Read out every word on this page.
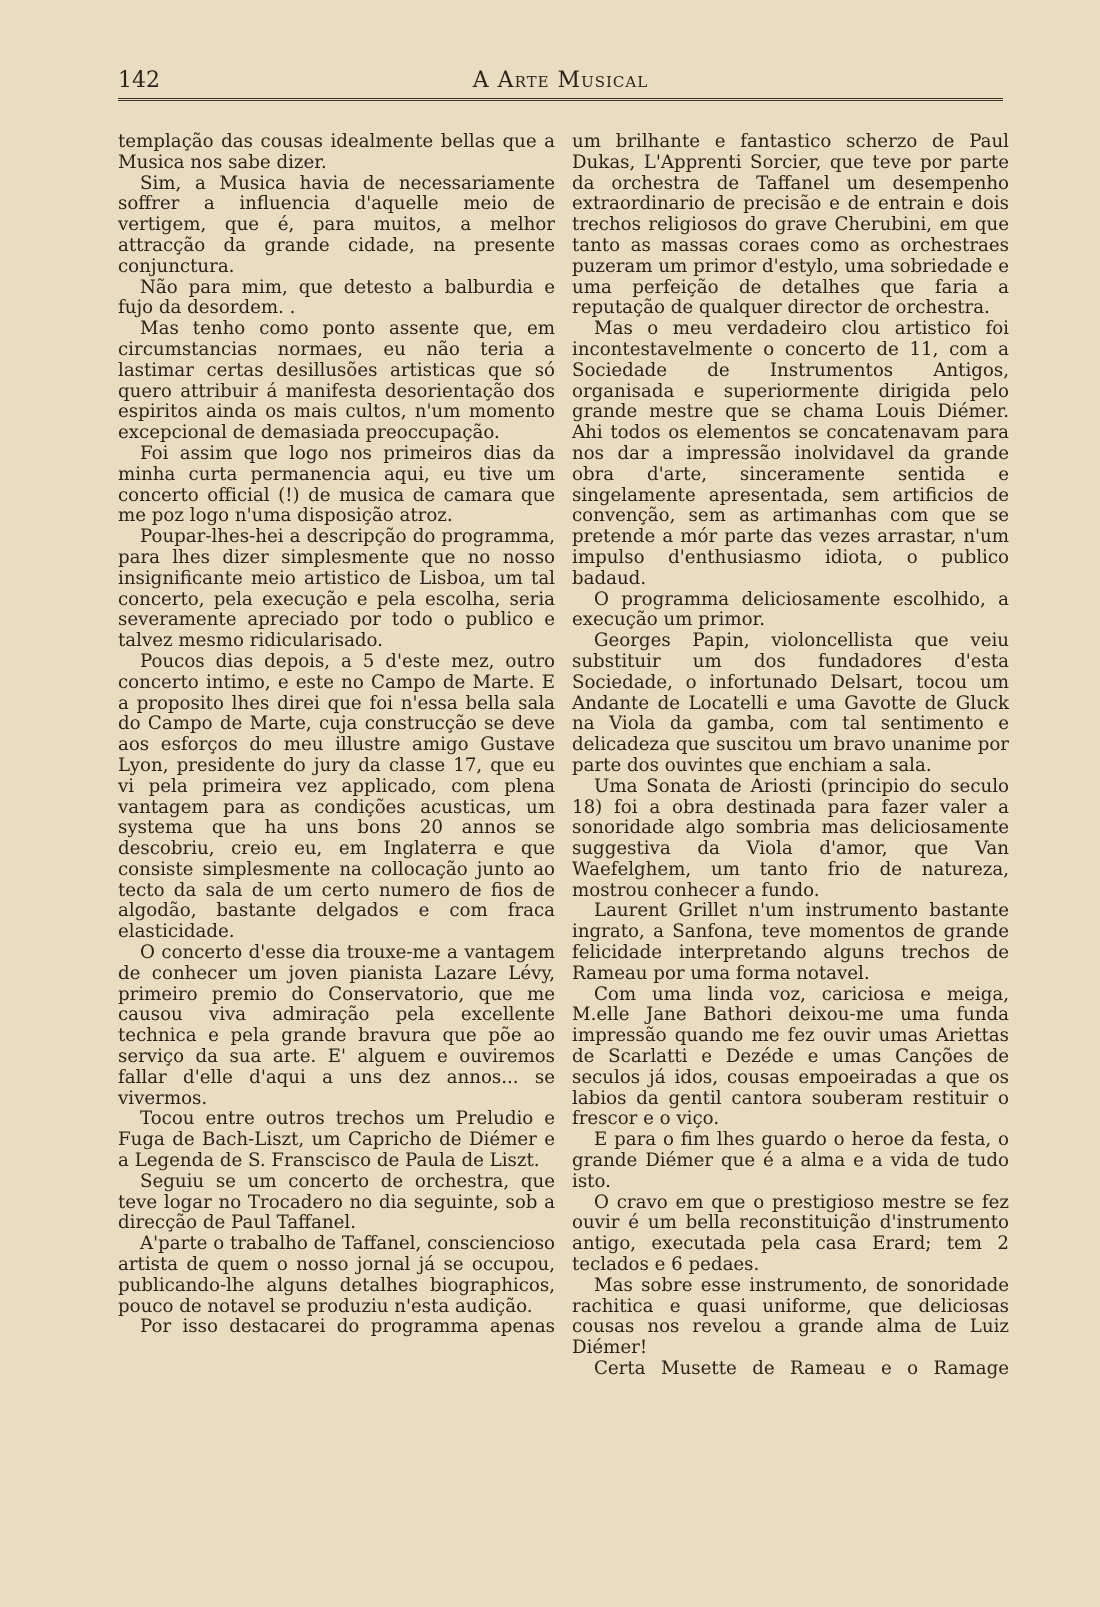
142	A Arte Musical

templação das cousas idealmente bellas que a Musica nos sabe dizer.

Sim, a Musica havia de necessariamente soffrer a influencia d'aquelle meio de vertigem, que é, para muitos, a melhor attracção da grande cidade, na presente conjunctura.

Não para mim, que detesto a balburdia e fujo da desordem. .

Mas tenho como ponto assente que, em circumstancias normaes, eu não teria a lastimar certas desillusões artisticas que só quero attribuir á manifesta desorientação dos espiritos ainda os mais cultos, n'um momento excepcional de demasiada preoccupação.

Foi assim que logo nos primeiros dias da minha curta permanencia aqui, eu tive um concerto official (!) de musica de camara que me poz logo n'uma disposição atroz.

Poupar-lhes-hei a descripção do programma, para lhes dizer simplesmente que no nosso insignificante meio artistico de Lisboa, um tal concerto, pela execução e pela escolha, seria severamente apreciado por todo o publico e talvez mesmo ridicularisado.

Poucos dias depois, a 5 d'este mez, outro concerto intimo, e este no Campo de Marte. E a proposito lhes direi que foi n'essa bella sala do Campo de Marte, cuja construcção se deve aos esforços do meu illustre amigo Gustave Lyon, presidente do jury da classe 17, que eu vi pela primeira vez applicado, com plena vantagem para as condições acusticas, um systema que ha uns bons 20 annos se descobriu, creio eu, em Inglaterra e que consiste simplesmente na collocação junto ao tecto da sala de um certo numero de fios de algodão, bastante delgados e com fraca elasticidade.

O concerto d'esse dia trouxe-me a vantagem de conhecer um joven pianista Lazare Lévy, primeiro premio do Conservatorio, que me causou viva admiração pela excellente technica e pela grande bravura que põe ao serviço da sua arte. E' alguem e ouviremos fallar d'elle d'aqui a uns dez annos... se vivermos.

Tocou entre outros trechos um Preludio e Fuga de Bach-Liszt, um Capricho de Diémer e a Legenda de S. Franscisco de Paula de Liszt.

Seguiu se um concerto de orchestra, que teve logar no Trocadero no dia seguinte, sob a direcção de Paul Taffanel.

A'parte o trabalho de Taffanel, consciencioso artista de quem o nosso jornal já se occupou, publicando-lhe alguns detalhes biographicos, pouco de notavel se produziu n'esta audição.

Por isso destacarei do programma apenas

um brilhante e fantastico scherzo de Paul Dukas, L'Apprenti Sorcier, que teve por parte da orchestra de Taffanel um desempenho extraordinario de precisão e de entrain e dois trechos religiosos do grave Cherubini, em que tanto as massas coraes como as orchestraes puzeram um primor d'estylo, uma sobriedade e uma perfeição de detalhes que faria a reputação de qualquer director de orchestra.

Mas o meu verdadeiro clou artistico foi incontestavelmente o concerto de 11, com a Sociedade de Instrumentos Antigos, organisada e superiormente dirigida pelo grande mestre que se chama Louis Diémer. Ahi todos os elementos se concatenavam para nos dar a impressão inolvidavel da grande obra d'arte, sinceramente sentida e singelamente apresentada, sem artificios de convenção, sem as artimanhas com que se pretende a mór parte das vezes arrastar, n'um impulso d'enthusiasmo idiota, o publico badaud.

O programma deliciosamente escolhido, a execução um primor.

Georges Papin, violoncellista que veiu substituir um dos fundadores d'esta Sociedade, o infortunado Delsart, tocou um Andante de Locatelli e uma Gavotte de Gluck na Viola da gamba, com tal sentimento e delicadeza que suscitou um bravo unanime por parte dos ouvintes que enchiam a sala.

Uma Sonata de Ariosti (principio do seculo 18) foi a obra destinada para fazer valer a sonoridade algo sombria mas deliciosamente suggestiva da Viola d'amor, que Van Waefelghem, um tanto frio de natureza, mostrou conhecer a fundo.

Laurent Grillet n'um instrumento bastante ingrato, a Sanfona, teve momentos de grande felicidade interpretando alguns trechos de Rameau por uma forma notavel.

Com uma linda voz, cariciosa e meiga, M.elle Jane Bathori deixou-me uma funda impressão quando me fez ouvir umas Ariettas de Scarlatti e Dezéde e umas Canções de seculos já idos, cousas empoeiradas a que os labios da gentil cantora souberam restituir o frescor e o viço.

E para o fim lhes guardo o heroe da festa, o grande Diémer que é a alma e a vida de tudo isto.

O cravo em que o prestigioso mestre se fez ouvir é um bella reconstituição d'instrumento antigo, executada pela casa Erard; tem 2 teclados e 6 pedaes.

Mas sobre esse instrumento, de sonoridade rachitica e quasi uniforme, que deliciosas cousas nos revelou a grande alma de Luiz Diémer!

Certa Musette de Rameau e o Ramage
